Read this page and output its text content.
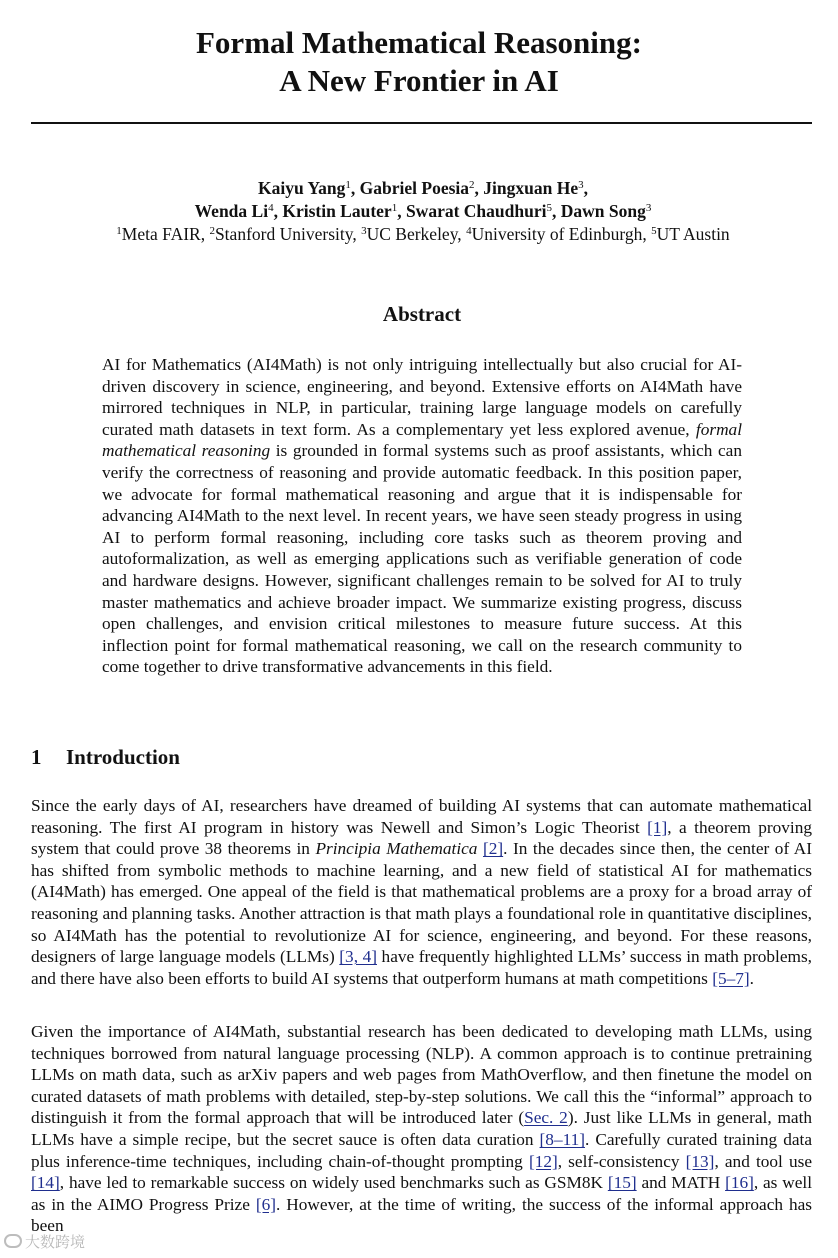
Formal Mathematical Reasoning:
A New Frontier in AI
Kaiyu Yang$^1$, Gabriel Poesia$^2$, Jingxuan He$^3$,
Wenda Li$^4$, Kristin Lauter$^1$, Swarat Chaudhuri$^5$, Dawn Song$^3$
$^1$Meta FAIR, $^2$Stanford University, $^3$UC Berkeley, $^4$University of Edinburgh, $^5$UT Austin
Abstract
AI for Mathematics (AI4Math) is not only intriguing intellectually but also crucial for AI-driven discovery in science, engineering, and beyond. Extensive efforts on AI4Math have mirrored techniques in NLP, in particular, training large language models on carefully curated math datasets in text form. As a complementary yet less explored avenue, formal mathematical reasoning is grounded in formal systems such as proof assistants, which can verify the correctness of reasoning and provide automatic feedback. In this position paper, we advocate for formal mathematical reasoning and argue that it is indispensable for advancing AI4Math to the next level. In recent years, we have seen steady progress in using AI to perform formal reasoning, including core tasks such as theorem proving and autoformalization, as well as emerging applications such as verifiable generation of code and hardware designs. However, significant challenges remain to be solved for AI to truly master mathematics and achieve broader impact. We summarize existing progress, discuss open challenges, and envision critical milestones to measure future success. At this inflection point for formal mathematical reasoning, we call on the research community to come together to drive transformative advancements in this field.
1 Introduction
Since the early days of AI, researchers have dreamed of building AI systems that can automate mathematical reasoning. The first AI program in history was Newell and Simon’s Logic Theorist [1], a theorem proving system that could prove 38 theorems in Principia Mathematica [2]. In the decades since then, the center of AI has shifted from symbolic methods to machine learning, and a new field of statistical AI for mathematics (AI4Math) has emerged. One appeal of the field is that mathematical problems are a proxy for a broad array of reasoning and planning tasks. Another attraction is that math plays a foundational role in quantitative disciplines, so AI4Math has the potential to revolutionize AI for science, engineering, and beyond. For these reasons, designers of large language models (LLMs) [3, 4] have frequently highlighted LLMs’ success in math problems, and there have also been efforts to build AI systems that outperform humans at math competitions [5–7].
Given the importance of AI4Math, substantial research has been dedicated to developing math LLMs, using techniques borrowed from natural language processing (NLP). A common approach is to continue pretraining LLMs on math data, such as arXiv papers and web pages from MathOverflow, and then finetune the model on curated datasets of math problems with detailed, step-by-step solutions. We call this the “informal” approach to distinguish it from the formal approach that will be introduced later (Sec. 2). Just like LLMs in general, math LLMs have a simple recipe, but the secret sauce is often data curation [8–11]. Carefully curated training data plus inference-time techniques, including chain-of-thought prompting [12], self-consistency [13], and tool use [14], have led to remarkable success on widely used benchmarks such as GSM8K [15] and MATH [16], as well as in the AIMO Progress Prize [6]. However, at the time of writing, the success of the informal approach has been
大数跨境
